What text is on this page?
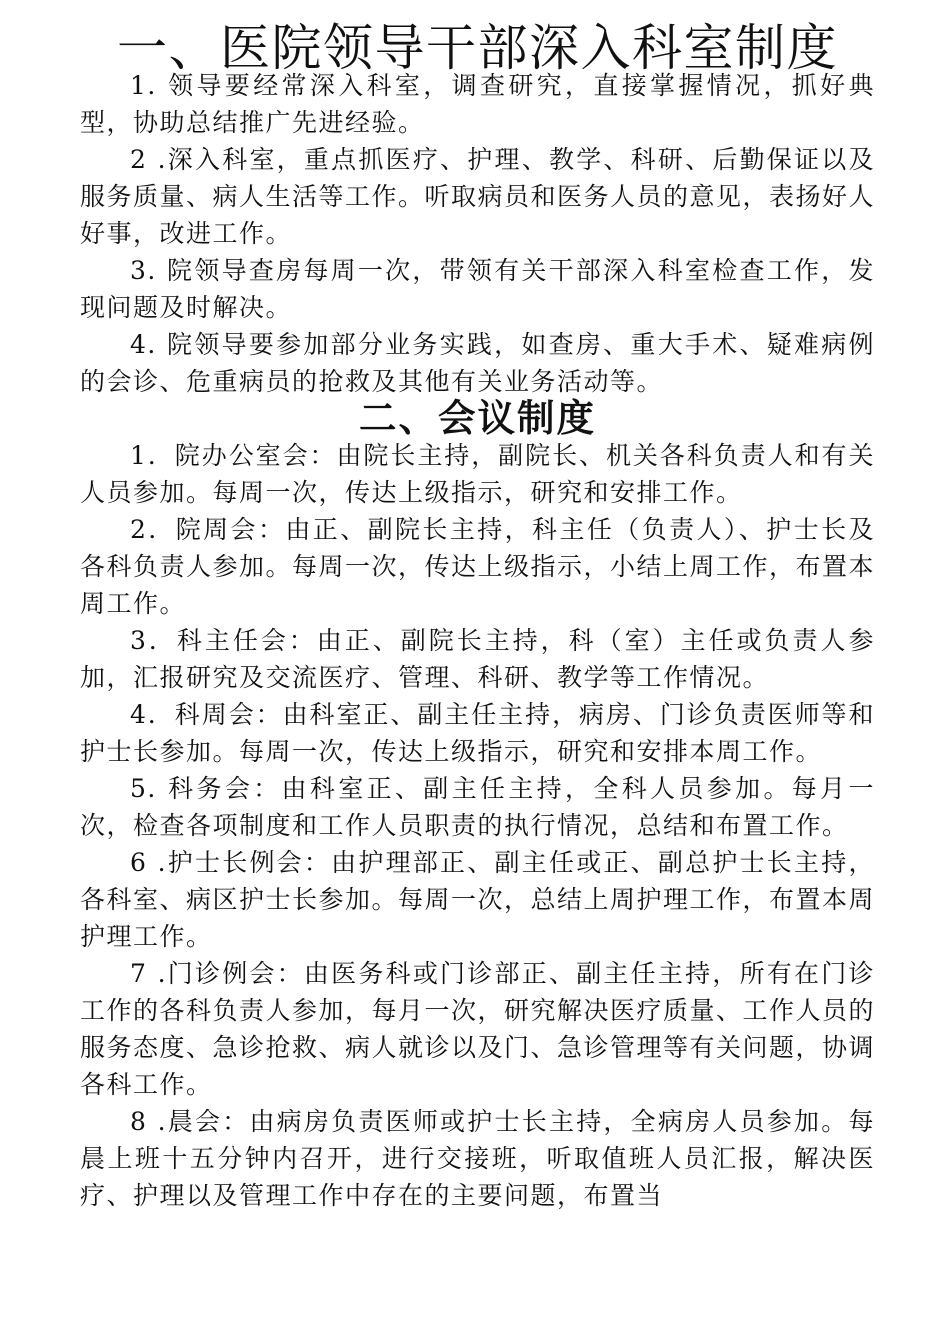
一、医院领导干部深入科室制度

1. 领导要经常深入科室，调查研究，直接掌握情况，抓好典型，协助总结推广先进经验。

2 .深入科室，重点抓医疗、护理、教学、科研、后勤保证以及服务质量、病人生活等工作。听取病员和医务人员的意见，表扬好人好事，改进工作。

3. 院领导查房每周一次，带领有关干部深入科室检查工作，发现问题及时解决。

4. 院领导要参加部分业务实践，如查房、重大手术、疑难病例的会诊、危重病员的抢救及其他有关业务活动等。

二、会议制度

1．院办公室会：由院长主持，副院长、机关各科负责人和有关人员参加。每周一次，传达上级指示，研究和安排工作。

2．院周会：由正、副院长主持，科主任（负责人）、护士长及各科负责人参加。每周一次，传达上级指示，小结上周工作，布置本周工作。

3．科主任会：由正、副院长主持，科（室）主任或负责人参加，汇报研究及交流医疗、管理、科研、教学等工作情况。

4．科周会：由科室正、副主任主持，病房、门诊负责医师等和护士长参加。每周一次，传达上级指示，研究和安排本周工作。

5. 科务会：由科室正、副主任主持，全科人员参加。每月一次，检查各项制度和工作人员职责的执行情况，总结和布置工作。

6 .护士长例会：由护理部正、副主任或正、副总护士长主持，各科室、病区护士长参加。每周一次，总结上周护理工作，布置本周护理工作。

7 .门诊例会：由医务科或门诊部正、副主任主持，所有在门诊工作的各科负责人参加，每月一次，研究解决医疗质量、工作人员的服务态度、急诊抢救、病人就诊以及门、急诊管理等有关问题，协调各科工作。

8 .晨会：由病房负责医师或护士长主持，全病房人员参加。每晨上班十五分钟内召开，进行交接班，听取值班人员汇报，解决医疗、护理以及管理工作中存在的主要问题，布置当
